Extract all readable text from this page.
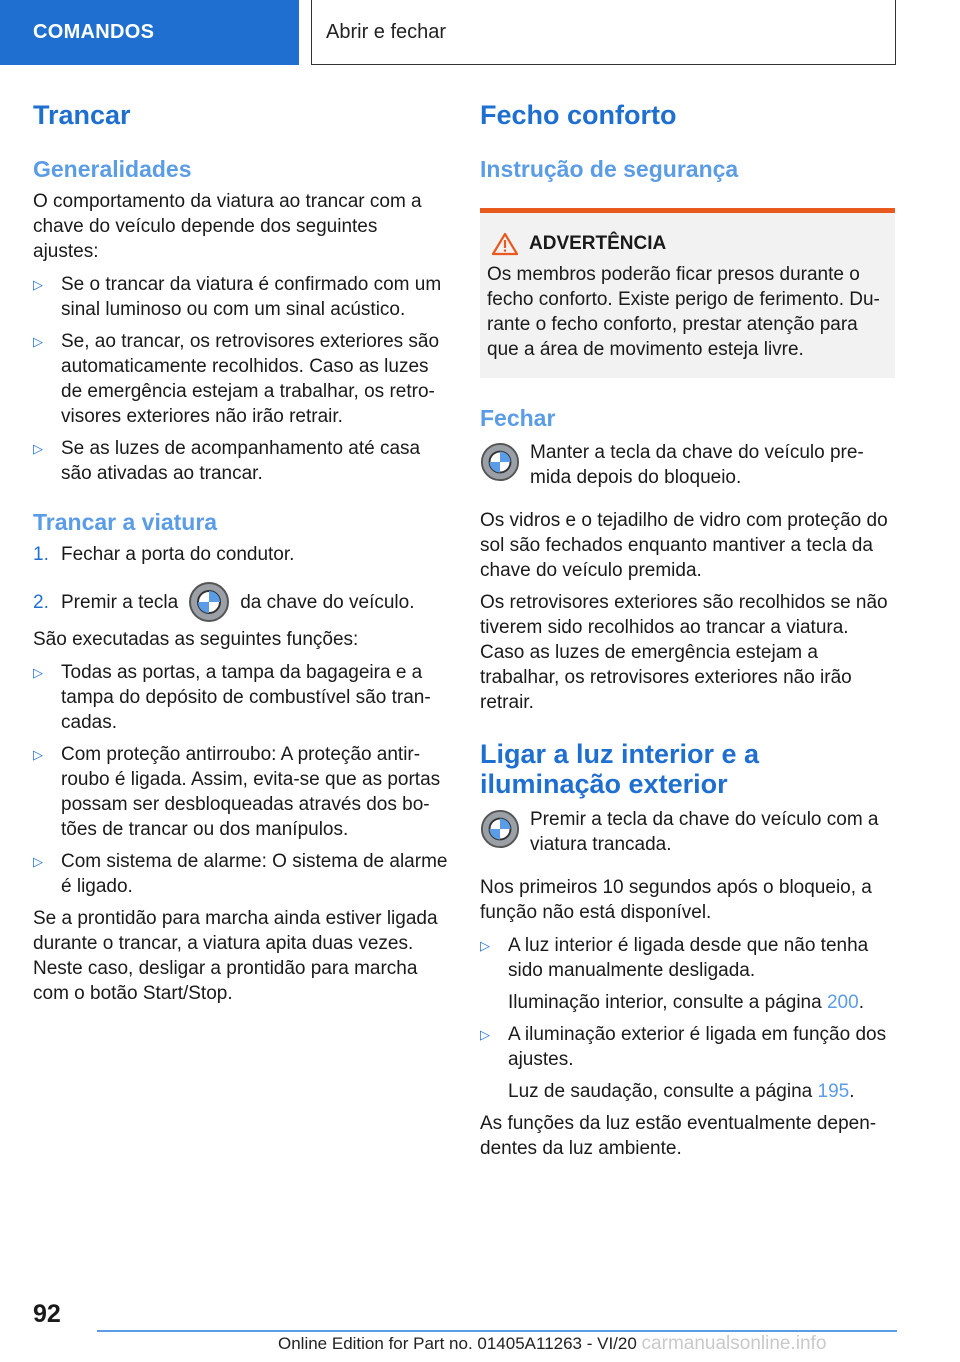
COMANDOS	Abrir e fechar
Trancar
Generalidades

O comportamento da viatura ao trancar com a chave do veículo depende dos seguintes ajustes:

▷ Se o trancar da viatura é confirmado com um sinal luminoso ou com um sinal acústico.
▷ Se, ao trancar, os retrovisores exteriores são automaticamente recolhidos. Caso as luzes de emergência estejam a trabalhar, os retro-visores exteriores não irão retrair.
▷ Se as luzes de acompanhamento até casa são ativadas ao trancar.
Trancar a viatura
1. Fechar a porta do condutor.
2. Premir a tecla	da chave do veículo.

São executadas as seguintes funções:

▷ Todas as portas, a tampa da bagageira e a tampa do depósito de combustível são tran-cadas.
▷ Com proteção antirroubo: A proteção antir-roubo é ligada. Assim, evita-se que as portas possam ser desbloqueadas através dos bo-tões de trancar ou dos manípulos.
▷ Com sistema de alarme: O sistema de alarme é ligado.

Se a prontidão para marcha ainda estiver ligada durante o trancar, a viatura apita duas vezes. Neste caso, desligar a prontidão para marcha com o botão Start/Stop.

Fecho conforto
Instrução de segurança
ADVERTÊNCIA

Os membros poderão ficar presos durante o fecho conforto. Existe perigo de ferimento. Du-rante o fecho conforto, prestar atenção para que a área de movimento esteja livre.

Fechar

Manter a tecla da chave do veículo pre-mida depois do bloqueio.

Os vidros e o tejadilho de vidro com proteção do sol são fechados enquanto mantiver a tecla da chave do veículo premida.

Os retrovisores exteriores são recolhidos se não tiverem sido recolhidos ao trancar a viatura. Caso as luzes de emergência estejam a trabalhar, os retrovisores exteriores não irão retrair.

Ligar a luz interior e a iluminação exterior

Premir a tecla da chave do veículo com a viatura trancada.

Nos primeiros 10 segundos após o bloqueio, a função não está disponível.

▷ A luz interior é ligada desde que não tenha sido manualmente desligada.
Iluminação interior, consulte a página 200.
▷ A iluminação exterior é ligada em função dos ajustes.
Luz de saudação, consulte a página 195.

As funções da luz estão eventualmente depen-dentes da luz ambiente.

92
Online Edition for Part no. 01405A11263 - VI/20 carmanualsonline.info
